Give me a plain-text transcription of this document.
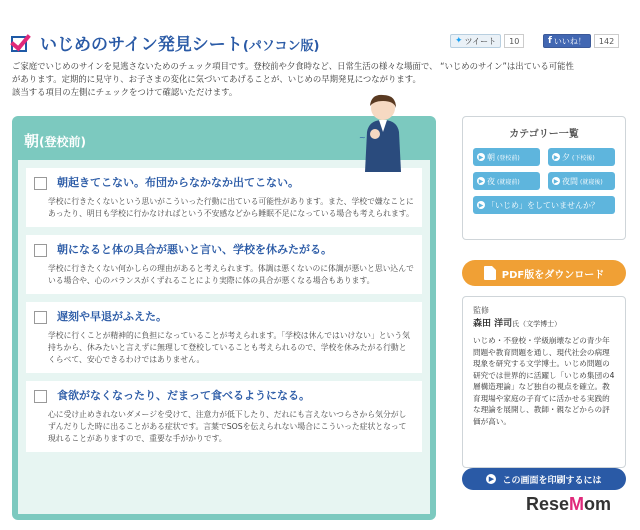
いじめのサイン発見シート(パソコン版)	✦ ツイート	10	f いいね！	142
ご家庭でいじめのサインを見逃さないためのチェック項目です。登校前や夕食時など、日常生活の様々な場面で、 “いじめのサイン”は出ている可能性
があります。定期的に見守り、お子さまの変化に気づいてあげることが、いじめの早期発見につながります。
該当する項目の左側にチェックをつけて確認いただけます。
朝(登校前)
朝起きてこない。布団からなかなか出てこない。
学校に行きたくないという思いがこういった行動に出ている可能性があります。また、学校で嫌なことにあったり、明日も学校に行かなければという不安感などから睡眠不足になっている場合も考えられます。
朝になると体の具合が悪いと言い、学校を休みたがる。
学校に行きたくない何かしらの理由があると考えられます。体調は悪くないのに体調が悪いと思い込んでいる場合や、心のバランスがくずれることにより実際に体の具合が悪くなる場合もあります。
遅刻や早退がふえた。
学校に行くことが精神的に負担になっていることが考えられます。「学校は休んではいけない」という気持ちから、休みたいと言えずに無理して登校していることも考えられるので、学校を休みたがる行動とくらべて、安心できるわけではありません。
食欲がなくなったり、だまって食べるようになる。
心に受け止めきれないダメージを受けて、注意力が低下したり、だれにも言えないつらさから気分がしずんだりした時に出ることがある症状です。言葉でSOSを伝えられない場合にこういった症状となって現れることがありますので、重要な手がかりです。
~	カテゴリー一覧
▶ 朝 (登校前)	▶ 夕 (下校後)
▶ 夜 (就寝前)	▶ 夜間 (就寝後)
▶ 「いじめ」をしていませんか？
PDF版をダウンロード
監修
森田 洋司氏（文学博士）
いじめ・不登校・学級崩壊などの青少年問題や教育問題を通し、現代社会の病理現象を研究する文学博士。いじめ問題の研究では世界的に活躍し「いじめ集団の4層構造理論」など独自の視点を確立。教育現場や家庭の子育てに活かせる実践的な理論を展開し、教師・親などからの評価が高い。
▶ この画面を印刷するには
ReseMom
